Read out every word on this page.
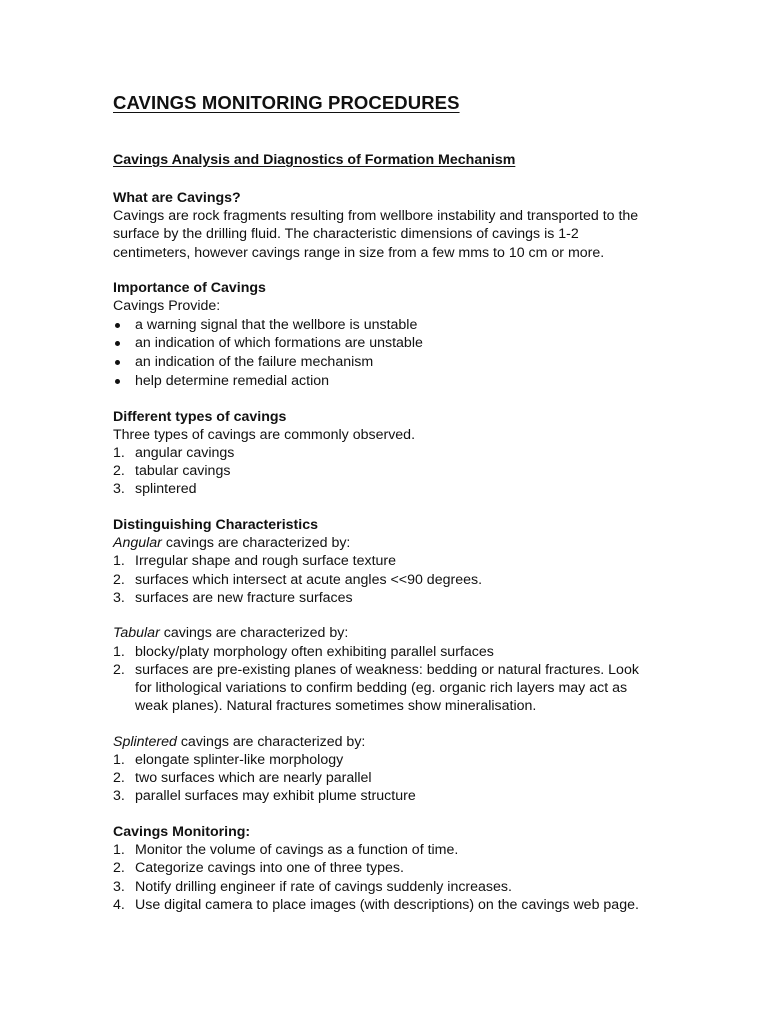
CAVINGS MONITORING PROCEDURES
Cavings Analysis and Diagnostics of Formation Mechanism

What are Cavings?

Cavings are rock fragments resulting from wellbore instability and transported to the surface by the drilling fluid. The characteristic dimensions of cavings is 1-2 centimeters, however cavings range in size from a few mms to 10 cm or more.

Importance of Cavings

Cavings Provide:

a warning signal that the wellbore is unstable
an indication of which formations are unstable
an indication of the failure mechanism
help determine remedial action

Different types of cavings

Three types of cavings are commonly observed.

1. angular cavings
2. tabular cavings
3. splintered

Distinguishing Characteristics

Angular cavings are characterized by:

1. Irregular shape and rough surface texture
2. surfaces which intersect at acute angles <<90 degrees.
3. surfaces are new fracture surfaces

Tabular cavings are characterized by:

1. blocky/platy morphology often exhibiting parallel surfaces
2. surfaces are pre-existing planes of weakness: bedding or natural fractures. Look for lithological variations to confirm bedding (eg. organic rich layers may act as weak planes). Natural fractures sometimes show mineralisation.

Splintered cavings are characterized by:

1. elongate splinter-like morphology
2. two surfaces which are nearly parallel
3. parallel surfaces may exhibit plume structure

Cavings Monitoring:

1. Monitor the volume of cavings as a function of time.
2. Categorize cavings into one of three types.
3. Notify drilling engineer if rate of cavings suddenly increases.
4. Use digital camera to place images (with descriptions) on the cavings web page.
